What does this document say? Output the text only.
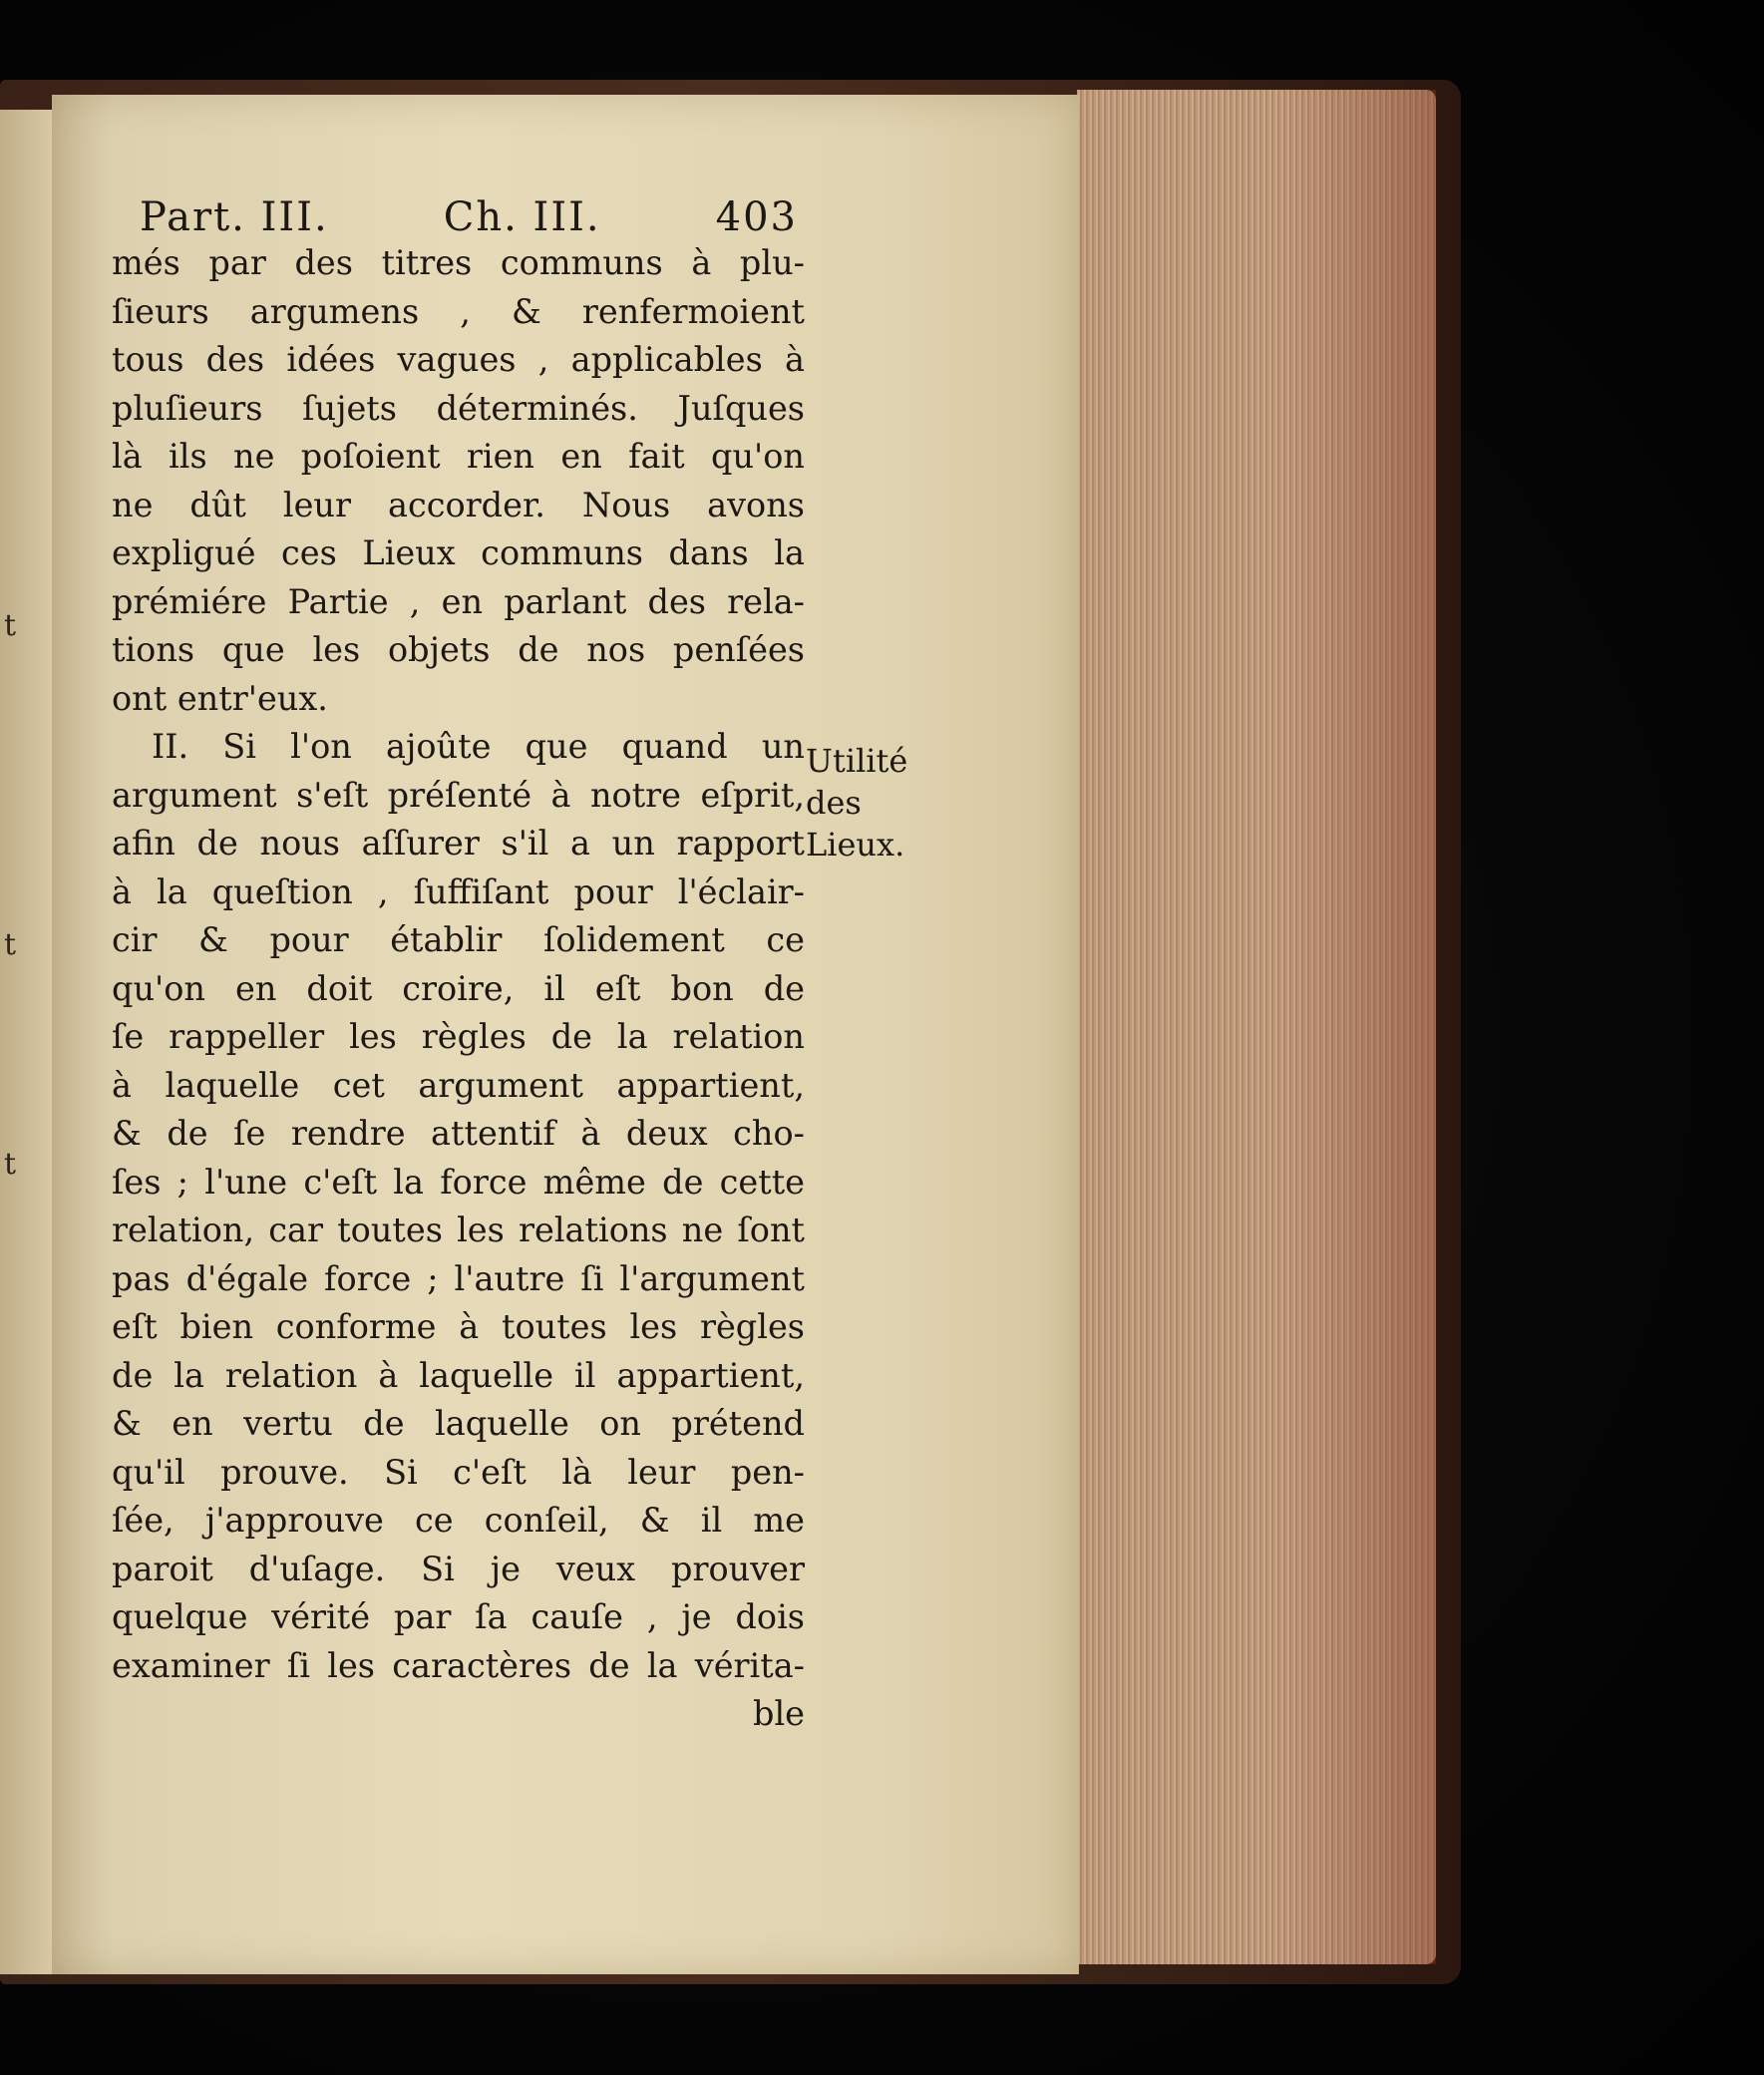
t
t
t
Part. III.	Ch. III.	403
més par des titres communs à plu-
ſieurs argumens , & renfermoient
tous des idées vagues , applicables à
pluſieurs ſujets déterminés. Juſques
là ils ne poſoient rien en fait qu'on
ne dût leur accorder. Nous avons
expligué ces Lieux communs dans la
prémiére Partie , en parlant des rela-
tions que les objets de nos penſées
ont entr'eux.
II. Si l'on ajoûte que quand un
argument s'eſt préſenté à notre eſprit,
afin de nous aſſurer s'il a un rapport
à la queſtion , ſuffiſant pour l'éclair-
cir & pour établir ſolidement ce
qu'on en doit croire, il eſt bon de
ſe rappeller les règles de la relation
à laquelle cet argument appartient,
& de ſe rendre attentif à deux cho-
ſes ; l'une c'eſt la force même de cette
relation, car toutes les relations ne ſont
pas d'égale force ; l'autre ſi l'argument
eſt bien conforme à toutes les règles
de la relation à laquelle il appartient,
& en vertu de laquelle on prétend
qu'il prouve. Si c'eſt là leur pen-
ſée, j'approuve ce conſeil, & il me
paroit d'uſage. Si je veux prouver
quelque vérité par ſa cauſe , je dois
examiner ſi les caractères de la vérita-
ble
Utilité
des
Lieux.
